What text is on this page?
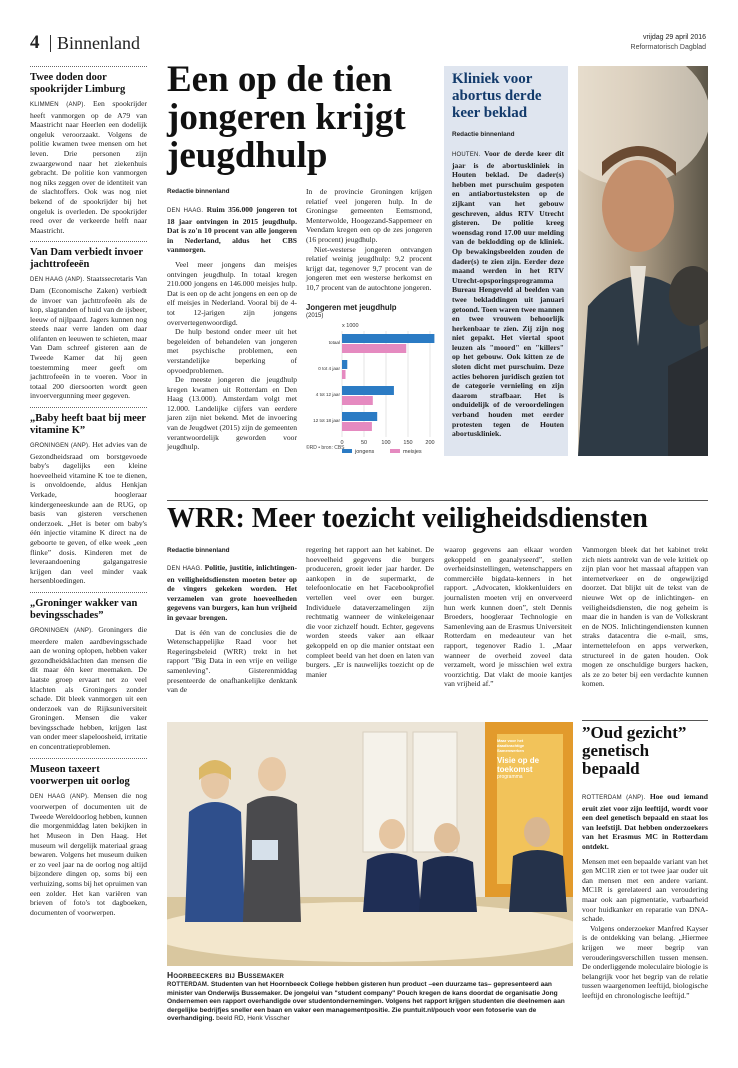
4 Binnenland	vrijdag 29 april 2016
Reformatorisch Dagblad
Twee doden door spookrijder Limburg
KLIMMEN (ANP). Een spookrijder heeft vanmorgen op de A79 van Maastricht naar Heerlen een dodelijk ongeluk veroorzaakt. Volgens de politie kwamen twee mensen om het leven. Drie personen zijn zwaargewond naar het ziekenhuis gebracht. De politie kon vanmorgen nog niks zeggen over de identiteit van de slachtoffers. Ook was nog niet bekend of de spookrijder bij het ongeluk is overleden. De spookrijder reed over de verkeerde helft naar Maastricht.
Van Dam verbiedt invoer jachttrofeeën
DEN HAAG (ANP). Staatssecretaris Van Dam (Economische Zaken) verbiedt de invoer van jachttrofeeën als de kop, slagtanden of huid van de ijsbeer, leeuw of nijlpaard. Jagers kunnen nog steeds naar verre landen om daar olifanten en leeuwen te schieten, maar Van Dam schreef gisteren aan de Tweede Kamer dat hij geen toestemming meer geeft om jachttrofeeën in te voeren. Voor in totaal 200 diersoorten wordt geen invoervergunning meer gegeven.
„Baby heeft baat bij meer vitamine K”
GRONINGEN (ANP). Het advies van de Gezondheidsraad om borstgevoede baby's dagelijks een kleine hoeveelheid vitamine K toe te dienen, is onvoldoende, aldus Henkjan Verkade, hoogleraar kindergeneeskunde aan de RUG, op basis van gisteren verschenen onderzoek. „Het is beter om baby's één injectie vitamine K direct na de geboorte te geven, of elke week „een flinke” dosis. Kinderen met de leveraandoening galgangatresie krijgen dan veel minder vaak hersenbloedingen.
„Groninger wakker van bevingsschades”
GRONINGEN (ANP). Groningers die meerdere malen aardbevingsschade aan de woning oplopen, hebben vaker gezondheidsklachten dan mensen die dit maar één keer meemaken. De laatste groep ervaart net zo veel klachten als Groningers zonder schade. Dit bleek vanmorgen uit een onderzoek van de Rijksuniversiteit Groningen. Mensen die vaker bevingsschade hebben, krijgen last van onder meer slapeloosheid, irritatie en concentratieproblemen.
Museon taxeert voorwerpen uit oorlog
DEN HAAG (ANP). Mensen die nog voorwerpen of documenten uit de Tweede Wereldoorlog hebben, kunnen die morgenmiddag laten bekijken in het Museon in Den Haag. Het museum wil dergelijk materiaal graag bewaren. Volgens het museum duiken er zo veel jaar na de oorlog nog altijd bijzondere dingen op, soms bij een verhuizing, soms bij het opruimen van een zolder. Het kan variëren van brieven of foto's tot dagboeken, documenten of voorwerpen.
Een op de tien jongeren krijgt jeugdhulp
Redactie binnenland

DEN HAAG. Ruim 356.000 jongeren tot 18 jaar ontvingen in 2015 jeugdhulp. Dat is zo'n 10 procent van alle jongeren in Nederland, aldus het CBS vanmorgen.

Veel meer jongens dan meisjes ontvingen jeugdhulp. In totaal kregen 210.000 jongens en 146.000 meisjes hulp. Dat is een op de acht jongens en een op de elf meisjes in Nederland. Vooral bij de 4- tot 12-jarigen zijn jongens oververtegenwoordigd.

De hulp bestond onder meer uit het begeleiden of behandelen van jongeren met psychische problemen, een verstandelijke beperking of opvoedproblemen.

De meeste jongeren die jeugdhulp kregen kwamen uit Rotterdam en Den Haag (13.000). Amsterdam volgt met 12.000. Landelijke cijfers van eerdere jaren zijn niet bekend. Met de invoering van de Jeugdwet (2015) zijn de gemeenten verantwoordelijk geworden voor jeugdhulp.

In de provincie Groningen krijgen relatief veel jongeren hulp. In de Groningse gemeenten Eemsmond, Menterwolde, Hoogezand-Sappemeer en Veendam kregen een op de zes jongeren (16 procent) jeugdhulp.

Niet-westerse jongeren ontvangen relatief weinig jeugdhulp: 9,2 procent krijgt dat, tegenover 9,7 procent van de jongeren met een westerse herkomst en 10,7 procent van de autochtone jongeren.

Jongeren met jeugdhulp
(2015)
x 1000
totaal
0 tot 4 jaar
4 tot 12 jaar
12 tot 18 jaar
0	50	100 150 200
jongens	meisjes
©RD • bron: CBS
Kliniek voor abortus derde keer beklad
Redactie binnenland

HOUTEN. Voor de derde keer dit jaar is de abortuskliniek in Houten beklad. De dader(s) hebben met purschuim gespoten en antiabortusteksten op de zijkant van het gebouw geschreven, aldus RTV Utrecht gisteren. De politie kreeg woensdag rond 17.00 uur melding van de beklodding op de kliniek. Op bewakingsbeelden zouden de dader(s) te zien zijn. Eerder deze maand werden in het RTV Utrecht-opsporingsprogramma Bureau Hengeveld al beelden van twee bekladdingen uit januari getoond. Toen waren twee mannen en twee vrouwen behoorlijk herkenbaar te zien. Zij zijn nog niet gepakt. Het viertal spoot leuzen als "moord" en "killers" op het gebouw. Ook kitten ze de sloten dicht met purschuim. Deze acties behoren juridisch gezien tot de categorie vernieling en zijn daarom strafbaar. Het is onduidelijk of de veroordelingen verband houden met eerder protesten tegen de Houten abortuskliniek.

WRR: Meer toezicht veiligheidsdiensten
Redactie binnenland

DEN HAAG. Politie, justitie, inlichtingen- en veiligheidsdiensten moeten beter op de vingers gekeken worden. Het verzamelen van grote hoeveelheden gegevens van burgers, kan hun vrijheid in gevaar brengen.

Dat is één van de conclusies die de Wetenschappelijke Raad voor het Regeringsbeleid (WRR) trekt in het rapport "Big Data in een vrije en veilige samenleving". Gisterenmiddag presenteerde de onafhankelijke denktank van de

regering het rapport aan het kabinet. De hoeveelheid gegevens die burgers produceren, groeit ieder jaar harder. De aankopen in de supermarkt, de telefoonlocatie en het Facebookprofiel vertellen veel over een burger. Individuele dataverzamelingen zijn rechtmatig wanneer de winkeleigenaar die voor zichzelf houdt. Echter, gegevens worden steeds vaker aan elkaar gekoppeld en op die manier ontstaat een compleet beeld van het doen en laten van burgers. „Er is nauwelijks toezicht op de manier

waarop gegevens aan elkaar worden gekoppeld en geanalyseerd”, stellen overheidsinstellingen, wetenschappers en commerciële bigdata-kenners in het rapport. „Advocaten, klokkenluiders en journalisten moeten vrij en onverveerd hun werk kunnen doen”, stelt Dennis Broeders, hoogleraar Technologie en Samenleving aan de Erasmus Universiteit Rotterdam en medeauteur van het rapport, tegenover Radio 1. „Maar wanneer de overheid zoveel data verzamelt, word je misschien wel extra voorzichtig. Dat vlakt de mooie kantjes van vrijheid af.”

Vanmorgen bleek dat het kabinet trekt zich niets aantrekt van de vele kritiek op zijn plan voor het massaal aftappen van internetverkeer en de ongewijzigd doorzet. Dat blijkt uit de tekst van de nieuwe Wet op de inlichtingen- en veiligheidsdiensten, die nog geheim is maar die in handen is van de Volkskrant en de NOS. Inlichtingendiensten kunnen straks datacentra die e-mail, sms, internettelefoon en apps verwerken, structureel in de gaten houden. Ook mogen ze onschuldige burgers hacken, als ze zo beter bij een verdachte kunnen komen.

Maar voor het
daadkrachtige
Samenwerken
Visie op de
toekomst
programma
Hoorbeeckers bij Bussemaker
ROTTERDAM. Studenten van het Hoornbeeck College hebben gisteren hun product –een duurzame tas– gepresenteerd aan minister van Onderwijs Bussemaker. De jongelui van "student company" Pouch kregen de kans doordat de organisatie Jong Ondernemen een rapport overhandigde over studentondernemingen. Volgens het rapport krijgen studenten die deelnemen aan dergelijke bedrijfjes sneller een baan en vaker een managementpositie. Zie puntuit.nl/pouch voor een fotoserie van de overhandiging. beeld RD, Henk Visscher
”Oud gezicht” genetisch bepaald

ROTTERDAM (ANP). Hoe oud iemand eruit ziet voor zijn leeftijd, wordt voor een deel genetisch bepaald en staat los van leefstijl. Dat hebben onderzoekers van het Erasmus MC in Rotterdam ontdekt.

Mensen met een bepaalde variant van het gen MC1R zien er tot twee jaar ouder uit dan mensen met een andere variant. MC1R is gerelateerd aan veroudering maar ook aan pigmentatie, varbaarheid voor huidkanker en reparatie van DNA-schade.

Volgens onderzoeker Manfred Kayser is de ontdekking van belang. „Hiermee krijgen we meer begrip van verouderingsverschillen tussen mensen. De onderliggende moleculaire biologie is belangrijk voor het begrip van de relatie tussen waargenomen leeftijd, biologische leeftijd en chronologische leeftijd.”
